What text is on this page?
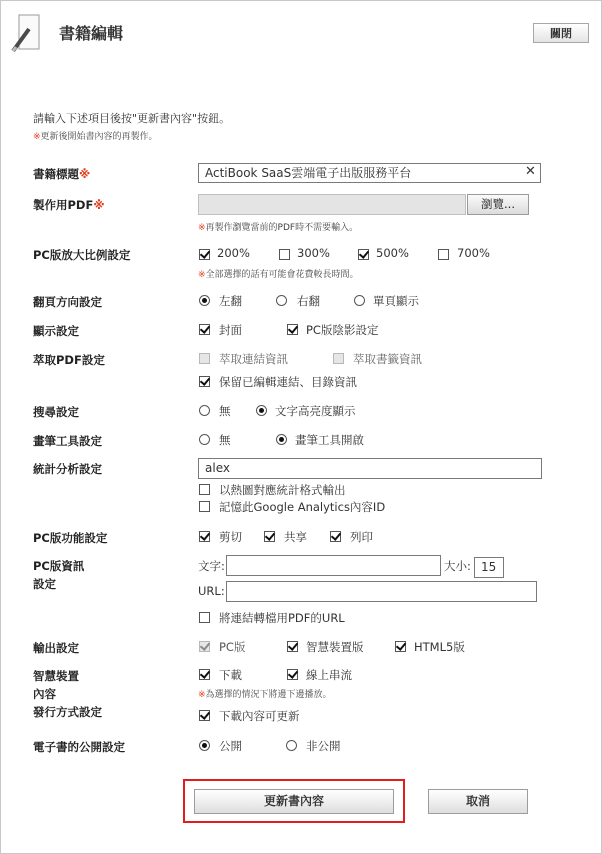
書籍編輯	關閉
請輸入下述項目後按"更新書內容"按鈕。
※ 更新後開始書內容的再製作。
書籍標題※	ActiBook SaaS雲端電子出版服務平台	✕
製作用PDF※	瀏覽...
※ 再製作瀏覽當前的PDF時不需要輸入。
PC版放大比例設定	200%	300%	500%	700%
※ 全部選擇的話有可能會花費較長時間。
翻頁方向設定	左翻	右翻	單頁顯示
顯示設定	封面	PC版陰影設定
萃取PDF設定	萃取連結資訊	萃取書籤資訊
保留已編輯連結、目錄資訊
搜尋設定	無	文字高亮度顯示
畫筆工具設定	無	畫筆工具開啟
統計分析設定	alex
以熱圖對應統計格式輸出
記憶此Google Analytics內容ID
PC版功能設定	剪切	共享	列印
PC版資訊
設定
文字:	大小: 15
URL:
將連結轉檔用PDF的URL
輸出設定	PC版	智慧裝置版	HTML5版
智慧裝置
內容
發行方式設定
下載	線上串流
※ 為選擇的情況下將邊下邊播放。
下載內容可更新
電子書的公開設定	公開	非公開
更新書內容	取消
